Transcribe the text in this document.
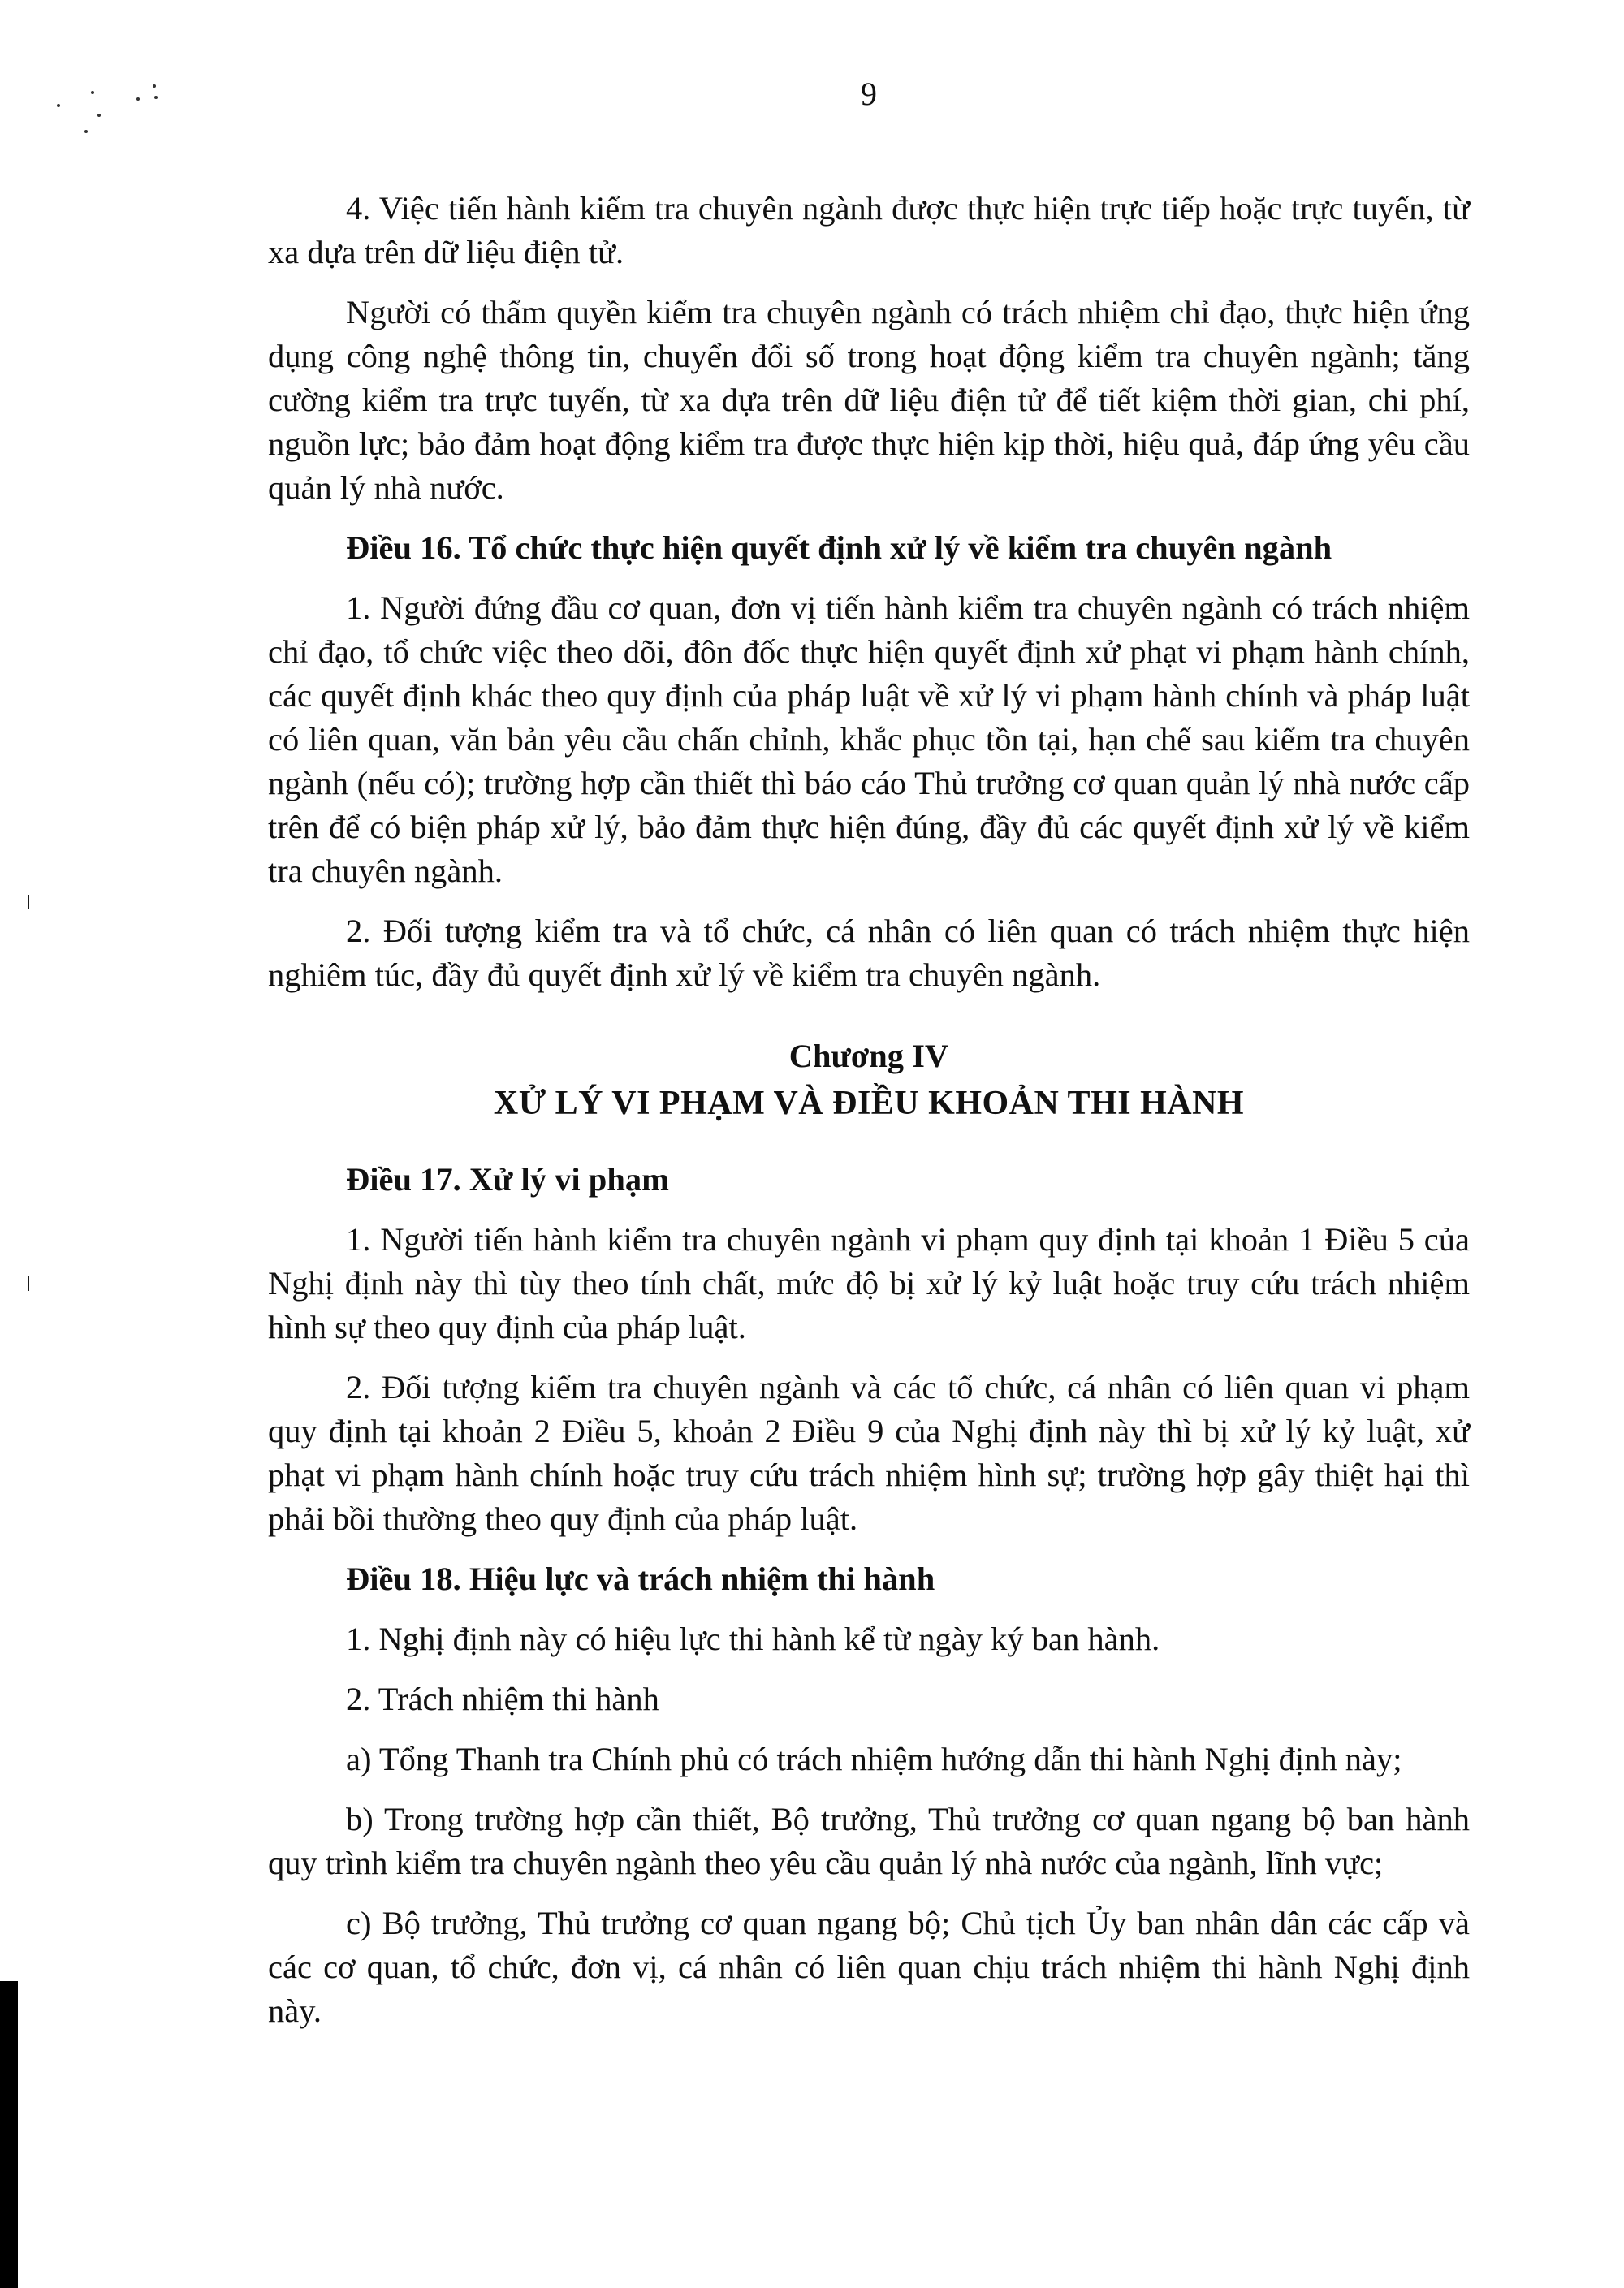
9

4. Việc tiến hành kiểm tra chuyên ngành được thực hiện trực tiếp hoặc trực tuyến, từ xa dựa trên dữ liệu điện tử.

Người có thẩm quyền kiểm tra chuyên ngành có trách nhiệm chỉ đạo, thực hiện ứng dụng công nghệ thông tin, chuyển đổi số trong hoạt động kiểm tra chuyên ngành; tăng cường kiểm tra trực tuyến, từ xa dựa trên dữ liệu điện tử để tiết kiệm thời gian, chi phí, nguồn lực; bảo đảm hoạt động kiểm tra được thực hiện kịp thời, hiệu quả, đáp ứng yêu cầu quản lý nhà nước.

Điều 16. Tổ chức thực hiện quyết định xử lý về kiểm tra chuyên ngành

1. Người đứng đầu cơ quan, đơn vị tiến hành kiểm tra chuyên ngành có trách nhiệm chỉ đạo, tổ chức việc theo dõi, đôn đốc thực hiện quyết định xử phạt vi phạm hành chính, các quyết định khác theo quy định của pháp luật về xử lý vi phạm hành chính và pháp luật có liên quan, văn bản yêu cầu chấn chỉnh, khắc phục tồn tại, hạn chế sau kiểm tra chuyên ngành (nếu có); trường hợp cần thiết thì báo cáo Thủ trưởng cơ quan quản lý nhà nước cấp trên để có biện pháp xử lý, bảo đảm thực hiện đúng, đầy đủ các quyết định xử lý về kiểm tra chuyên ngành.

2. Đối tượng kiểm tra và tổ chức, cá nhân có liên quan có trách nhiệm thực hiện nghiêm túc, đầy đủ quyết định xử lý về kiểm tra chuyên ngành.

Chương IV

XỬ LÝ VI PHẠM VÀ ĐIỀU KHOẢN THI HÀNH

Điều 17. Xử lý vi phạm

1. Người tiến hành kiểm tra chuyên ngành vi phạm quy định tại khoản 1 Điều 5 của Nghị định này thì tùy theo tính chất, mức độ bị xử lý kỷ luật hoặc truy cứu trách nhiệm hình sự theo quy định của pháp luật.

2. Đối tượng kiểm tra chuyên ngành và các tổ chức, cá nhân có liên quan vi phạm quy định tại khoản 2 Điều 5, khoản 2 Điều 9 của Nghị định này thì bị xử lý kỷ luật, xử phạt vi phạm hành chính hoặc truy cứu trách nhiệm hình sự; trường hợp gây thiệt hại thì phải bồi thường theo quy định của pháp luật.

Điều 18. Hiệu lực và trách nhiệm thi hành

1. Nghị định này có hiệu lực thi hành kể từ ngày ký ban hành.

2. Trách nhiệm thi hành

a) Tổng Thanh tra Chính phủ có trách nhiệm hướng dẫn thi hành Nghị định này;

b) Trong trường hợp cần thiết, Bộ trưởng, Thủ trưởng cơ quan ngang bộ ban hành quy trình kiểm tra chuyên ngành theo yêu cầu quản lý nhà nước của ngành, lĩnh vực;

c) Bộ trưởng, Thủ trưởng cơ quan ngang bộ; Chủ tịch Ủy ban nhân dân các cấp và các cơ quan, tổ chức, đơn vị, cá nhân có liên quan chịu trách nhiệm thi hành Nghị định này.
